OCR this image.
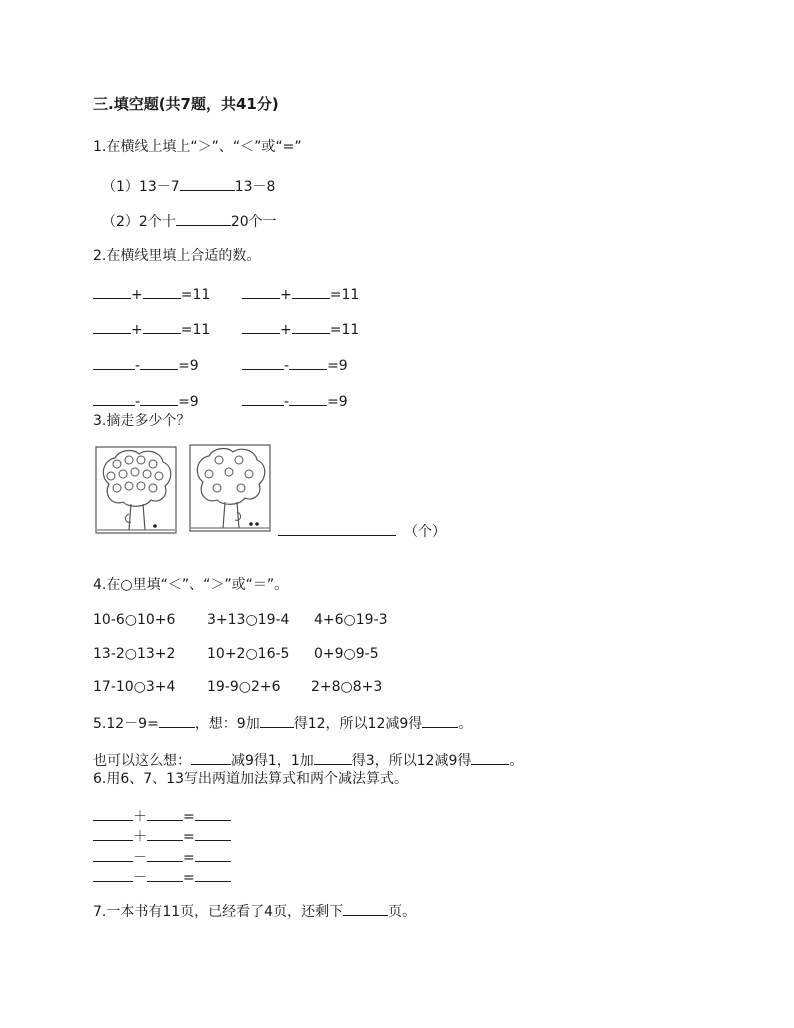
三.填空题(共7题，共41分)
1.在横线上填上“＞”、“＜”或“=”
（1）13－7	13－8
（2）2个十	20个一
2.在横线里填上合适的数。
+	=11	+	=11
+	=11	+	=11
-	=9	-	=9
-	=9	-	=9
3.摘走多少个？
（个）
4.在○里填“＜”、“＞”或“＝”。
10-6○10+6 3+13○19-4 4+6○19-3
13-2○13+2 10+2○16-5 0+9○9-5
17-10○3+4 19-9○2+6 2+8○8+3
5.12－9=	，想：9加 得12，所以12减9得	。
也可以这么想：	减9得1，1加	得3，所以12减9得	。
6.用6、7、13写出两道加法算式和两个减法算式。
＋	=
＋	=
－	=
－	=
7.一本书有11页，已经看了4页，还剩下	页。
